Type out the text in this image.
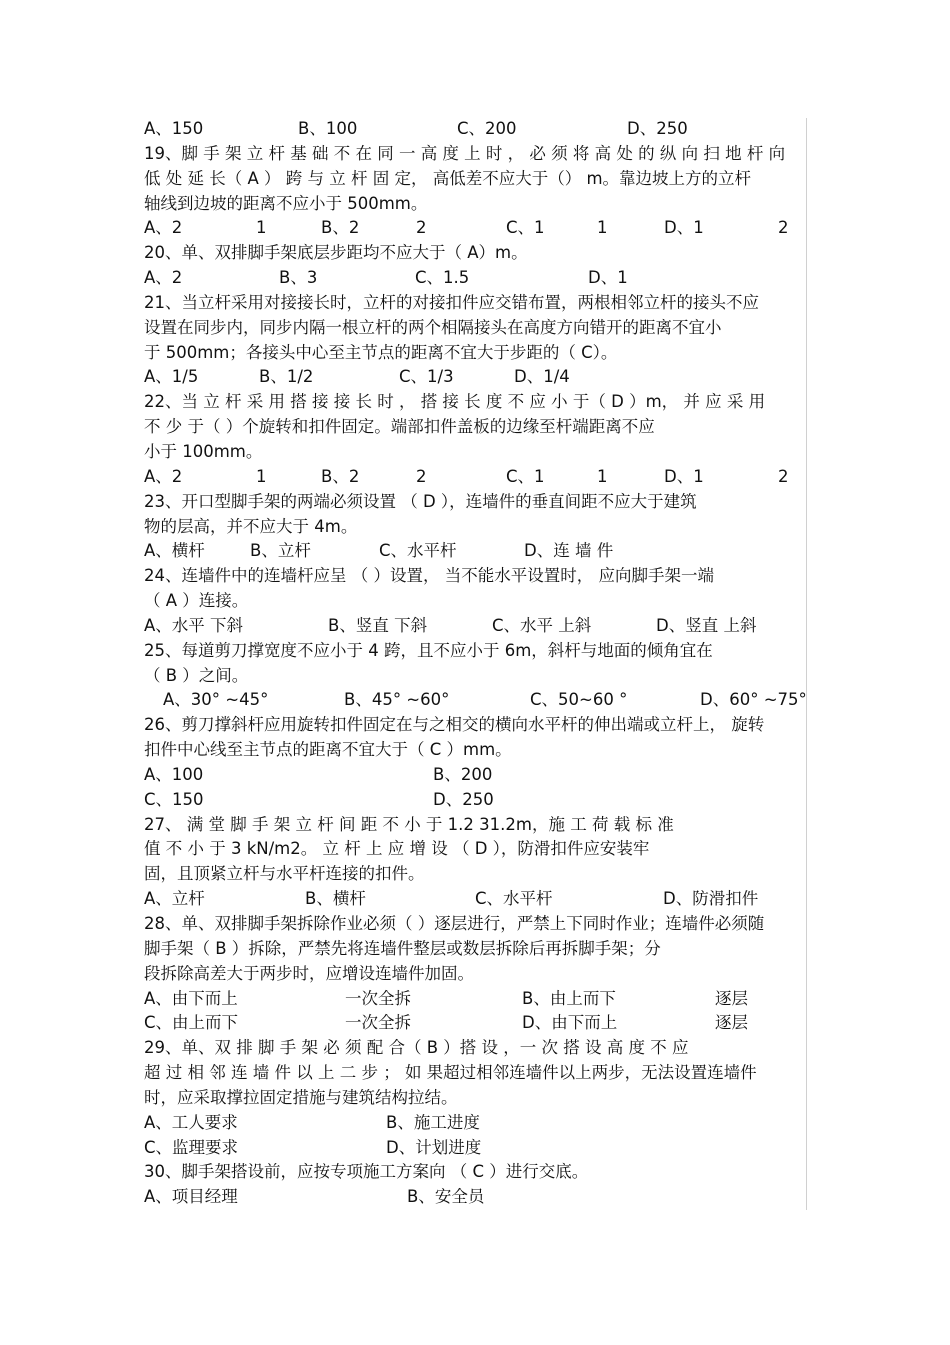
A、150	B、100	C、200	D、250
19、脚 手 架 立 杆 基 础 不 在 同 一 高 度 上 时 ， 必 须 将 高 处 的 纵 向 扫 地 杆 向
低 处 延 长（ A ） 跨 与 立 杆 固 定， 高低差不应大于（） m。靠边坡上方的立杆
轴线到边坡的距离不应小于 500mm。
A、2	1	B、2	2	C、1	1	D、1	2
20、单、双排脚手架底层步距均不应大于（ A）m。
A、2	B、3	C、1.5	D、1
21、当立杆采用对接接长时，立杆的对接扣件应交错布置，两根相邻立杆的接头不应
设置在同步内，同步内隔一根立杆的两个相隔接头在高度方向错开的距离不宜小
于 500mm；各接头中心至主节点的距离不宜大于步距的（ C）。
A、1/5	B、1/2	C、1/3	D、1/4
22、当 立 杆 采 用 搭 接 接 长 时 ， 搭 接 长 度 不 应 小 于（ D ）m， 并 应 采 用
不 少 于（ ）个旋转和扣件固定。端部扣件盖板的边缘至杆端距离不应
小于 100mm。
A、2	1	B、2	2	C、1	1	D、1	2
23、开口型脚手架的两端必须设置 （ D ），连墙件的垂直间距不应大于建筑
物的层高，并不应大于 4m。
A、横杆	B、立杆	C、水平杆	D、连 墙 件
24、连墙件中的连墙杆应呈 （ ）设置， 当不能水平设置时， 应向脚手架一端
（ A ）连接。
A、水平 下斜	B、竖直 下斜	C、水平 上斜	D、竖直 上斜
25、每道剪刀撑宽度不应小于 4 跨，且不应小于 6m，斜杆与地面的倾角宜在
（ B ）之间。
A、30° ~45°	B、45° ~60°	C、50~60 °	D、60° ~75°
26、剪刀撑斜杆应用旋转扣件固定在与之相交的横向水平杆的伸出端或立杆上， 旋转
扣件中心线至主节点的距离不宜大于（ C ）mm。
A、100	B、200
C、150	D、250
27、 满 堂 脚 手 架 立 杆 间 距 不 小 于 1.2 31.2m，施 工 荷 载 标 准
值 不 小 于 3 kN/m2。 立 杆 上 应 增 设 （ D ），防滑扣件应安装牢
固，且顶紧立杆与水平杆连接的扣件。
A、立杆	B、横杆	C、水平杆	D、防滑扣件
28、单、双排脚手架拆除作业必须（ ）逐层进行，严禁上下同时作业；连墙件必须随
脚手架（ B ）拆除，严禁先将连墙件整层或数层拆除后再拆脚手架；分
段拆除高差大于两步时，应增设连墙件加固。
A、由下而上	一次全拆	B、由上而下	逐层
C、由上而下	一次全拆	D、由下而上	逐层
29、单、双 排 脚 手 架 必 须 配 合（ B ）搭 设 ，一 次 搭 设 高 度 不 应
超 过 相 邻 连 墙 件 以 上 二 步 ； 如 果超过相邻连墙件以上两步，无法设置连墙件
时，应采取撑拉固定措施与建筑结构拉结。
A、工人要求	B、施工进度
C、监理要求	D、计划进度
30、脚手架搭设前，应按专项施工方案向 （ C ）进行交底。
A、项目经理	B、安全员
